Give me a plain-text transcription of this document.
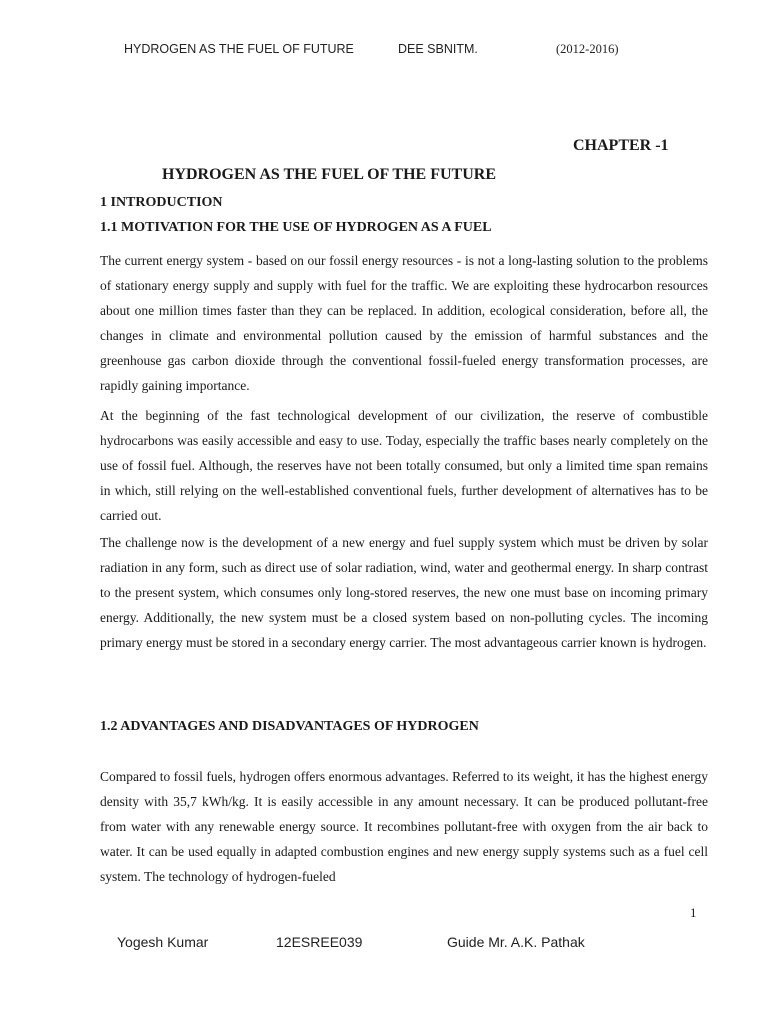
HYDROGEN AS THE FUEL OF FUTURE	DEE SBNITM.	(2012-2016)
CHAPTER -1
HYDROGEN AS THE FUEL OF THE FUTURE
1 INTRODUCTION
1.1 MOTIVATION FOR THE USE OF HYDROGEN AS A FUEL

The current energy system - based on our fossil energy resources - is not a long-lasting solution to the problems of stationary energy supply and supply with fuel for the traffic. We are exploiting these hydrocarbon resources about one million times faster than they can be replaced. In addition, ecological consideration, before all, the changes in climate and environmental pollution caused by the emission of harmful substances and the greenhouse gas carbon dioxide through the conventional fossil-fueled energy transformation processes, are rapidly gaining importance.

At the beginning of the fast technological development of our civilization, the reserve of combustible hydrocarbons was easily accessible and easy to use. Today, especially the traffic bases nearly completely on the use of fossil fuel. Although, the reserves have not been totally consumed, but only a limited time span remains in which, still relying on the well-established conventional fuels, further development of alternatives has to be carried out.

The challenge now is the development of a new energy and fuel supply system which must be driven by solar radiation in any form, such as direct use of solar radiation, wind, water and geothermal energy. In sharp contrast to the present system, which consumes only long-stored reserves, the new one must base on incoming primary energy. Additionally, the new system must be a closed system based on non-polluting cycles. The incoming primary energy must be stored in a secondary energy carrier. The most advantageous carrier known is hydrogen.

1.2 ADVANTAGES AND DISADVANTAGES OF HYDROGEN

Compared to fossil fuels, hydrogen offers enormous advantages. Referred to its weight, it has the highest energy density with 35,7 kWh/kg. It is easily accessible in any amount necessary. It can be produced pollutant-free from water with any renewable energy source. It recombines pollutant-free with oxygen from the air back to water. It can be used equally in adapted combustion engines and new energy supply systems such as a fuel cell system. The technology of hydrogen-fueled

1
Yogesh Kumar	12ESREE039	Guide Mr. A.K. Pathak
